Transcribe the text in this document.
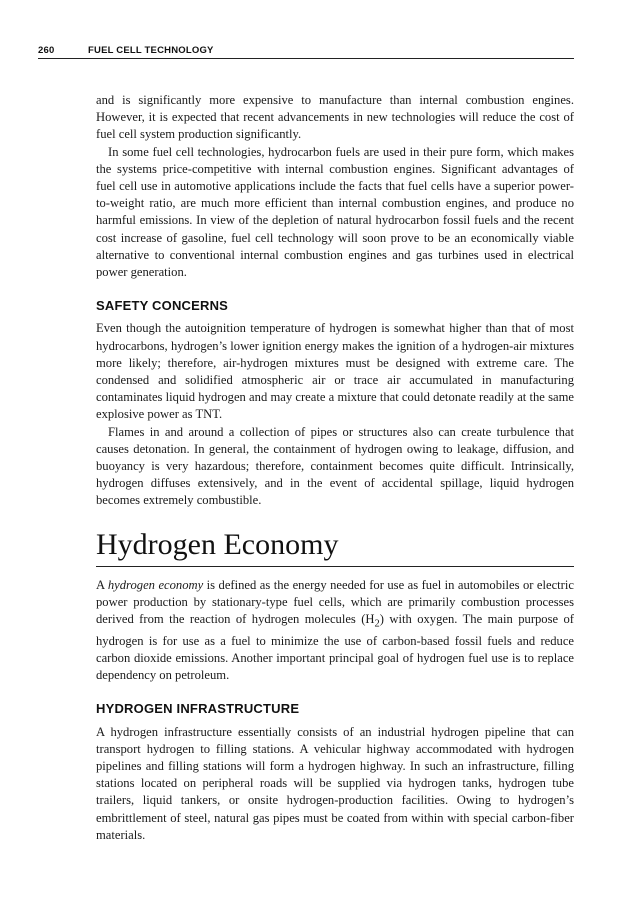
260	FUEL CELL TECHNOLOGY

and is significantly more expensive to manufacture than internal combustion engines. However, it is expected that recent advancements in new technologies will reduce the cost of fuel cell system production significantly.

In some fuel cell technologies, hydrocarbon fuels are used in their pure form, which makes the systems price-competitive with internal combustion engines. Significant advantages of fuel cell use in automotive applications include the facts that fuel cells have a superior power-to-weight ratio, are much more efficient than internal combustion engines, and produce no harmful emissions. In view of the depletion of natural hydrocarbon fossil fuels and the recent cost increase of gasoline, fuel cell technology will soon prove to be an economically viable alternative to conventional internal combustion engines and gas turbines used in electrical power generation.

SAFETY CONCERNS

Even though the autoignition temperature of hydrogen is somewhat higher than that of most hydrocarbons, hydrogen’s lower ignition energy makes the ignition of a hydrogen-air mixtures more likely; therefore, air-hydrogen mixtures must be designed with extreme care. The condensed and solidified atmospheric air or trace air accumulated in manufacturing contaminates liquid hydrogen and may create a mixture that could detonate readily at the same explosive power as TNT.

Flames in and around a collection of pipes or structures also can create turbulence that causes detonation. In general, the containment of hydrogen owing to leakage, diffusion, and buoyancy is very hazardous; therefore, containment becomes quite difficult. Intrinsically, hydrogen diffuses extensively, and in the event of accidental spillage, liquid hydrogen becomes extremely combustible.

Hydrogen Economy

A hydrogen economy is defined as the energy needed for use as fuel in automobiles or electric power production by stationary-type fuel cells, which are primarily combustion processes derived from the reaction of hydrogen molecules $(H_2)$ with oxygen. The main purpose of hydrogen is for use as a fuel to minimize the use of carbon-based fossil fuels and reduce carbon dioxide emissions. Another important principal goal of hydrogen fuel use is to replace dependency on petroleum.

HYDROGEN INFRASTRUCTURE

A hydrogen infrastructure essentially consists of an industrial hydrogen pipeline that can transport hydrogen to filling stations. A vehicular highway accommodated with hydrogen pipelines and filling stations will form a hydrogen highway. In such an infrastructure, filling stations located on peripheral roads will be supplied via hydrogen tanks, hydrogen tube trailers, liquid tankers, or onsite hydrogen-production facilities. Owing to hydrogen’s embrittlement of steel, natural gas pipes must be coated from within with special carbon-fiber materials.
